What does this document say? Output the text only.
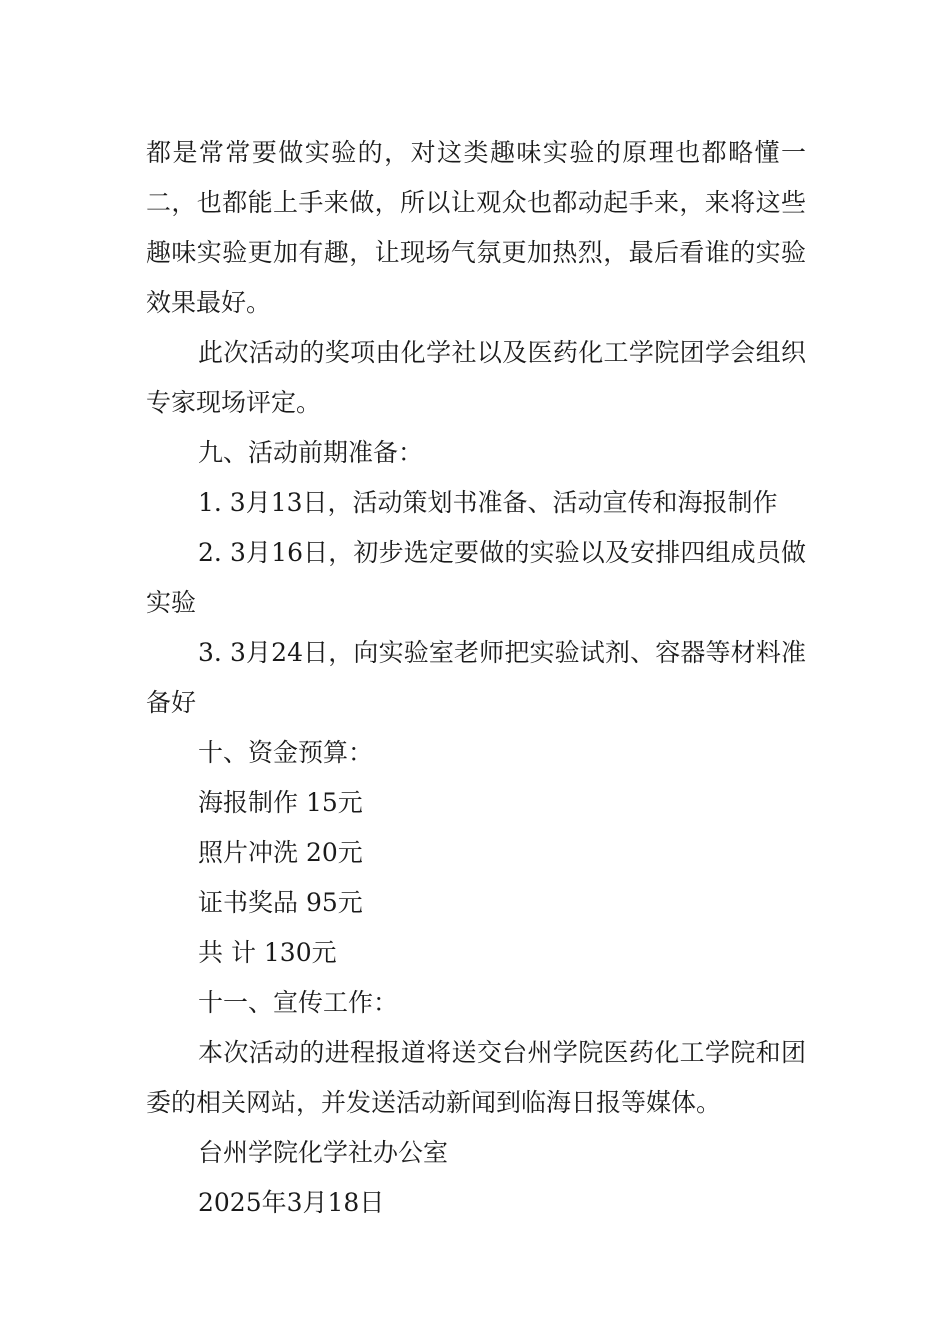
都是常常要做实验的，对这类趣味实验的原理也都略懂一二，也都能上手来做，所以让观众也都动起手来，来将这些趣味实验更加有趣，让现场气氛更加热烈，最后看谁的实验效果最好。

此次活动的奖项由化学社以及医药化工学院团学会组织专家现场评定。

九、活动前期准备：

1. 3月13日，活动策划书准备、活动宣传和海报制作

2. 3月16日，初步选定要做的实验以及安排四组成员做实验

3. 3月24日，向实验室老师把实验试剂、容器等材料准备好

十、资金预算：

海报制作 15元

照片冲洗 20元

证书奖品 95元

共 计 130元

十一、宣传工作：

本次活动的进程报道将送交台州学院医药化工学院和团委的相关网站，并发送活动新闻到临海日报等媒体。

台州学院化学社办公室

2025年3月18日
